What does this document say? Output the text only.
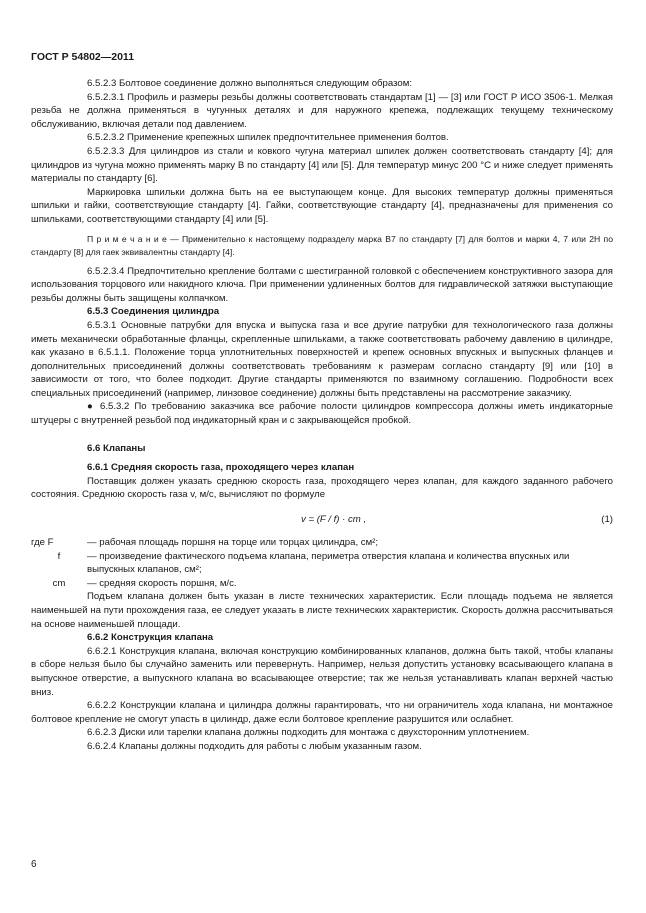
ГОСТ Р 54802—2011

6.5.2.3 Болтовое соединение должно выполняться следующим образом:

6.5.2.3.1 Профиль и размеры резьбы должны соответствовать стандартам [1] — [3] или ГОСТ Р ИСО 3506-1. Мелкая резьба не должна применяться в чугунных деталях и для наружного крепежа, подлежащих текущему техническому обслуживанию, включая детали под давлением.

6.5.2.3.2 Применение крепежных шпилек предпочтительнее применения болтов.

6.5.2.3.3 Для цилиндров из стали и ковкого чугуна материал шпилек должен соответствовать стандарту [4]; для цилиндров из чугуна можно применять марку В по стандарту [4] или [5]. Для температур минус 200 °С и ниже следует применять материалы по стандарту [6].

Маркировка шпильки должна быть на ее выступающем конце. Для высоких температур должны применяться шпильки и гайки, соответствующие стандарту [4]. Гайки, соответствующие стандарту [4], предназначены для применения со шпильками, соответствующими стандарту [4] или [5].

П р и м е ч а н и е — Применительно к настоящему подразделу марка В7 по стандарту [7] для болтов и марки 4, 7 или 2Н по стандарту [8] для гаек эквивалентны стандарту [4].

6.5.2.3.4 Предпочтительно крепление болтами с шестигранной головкой с обеспечением конструктивного зазора для использования торцового или накидного ключа. При применении удлиненных болтов для гидравлической затяжки выступающие резьбы должны быть защищены колпачком.

6.5.3 Соединения цилиндра

6.5.3.1 Основные патрубки для впуска и выпуска газа и все другие патрубки для технологического газа должны иметь механически обработанные фланцы, скрепленные шпильками, а также соответствовать рабочему давлению в цилиндре, как указано в 6.5.1.1. Положение торца уплотнительных поверхностей и крепеж основных впускных и выпускных фланцев и дополнительных присоединений должны соответствовать требованиям к размерам согласно стандарту [9] или [10] в зависимости от того, что более подходит. Другие стандарты применяются по взаимному соглашению. Подробности всех специальных присоединений (например, линзовое соединение) должны быть представлены на рассмотрение заказчику.

● 6.5.3.2 По требованию заказчика все рабочие полости цилиндров компрессора должны иметь индикаторные штуцеры с внутренней резьбой под индикаторный кран и с закрывающейся пробкой.

6.6 Клапаны

6.6.1 Средняя скорость газа, проходящего через клапан

Поставщик должен указать среднюю скорость газа, проходящего через клапан, для каждого заданного рабочего состояния. Среднюю скорость газа v, м/с, вычисляют по формуле

v = (F / f) · cm ,	(1)
где F	— рабочая площадь поршня на торце или торцах цилиндра, см²;
f	— произведение фактического подъема клапана, периметра отверстия клапана и количества впускных или выпускных клапанов, см²;
cm	— средняя скорость поршня, м/с.

Подъем клапана должен быть указан в листе технических характеристик. Если площадь подъема не является наименьшей на пути прохождения газа, ее следует указать в листе технических характеристик. Скорость должна рассчитываться на основе наименьшей площади.

6.6.2 Конструкция клапана

6.6.2.1 Конструкция клапана, включая конструкцию комбинированных клапанов, должна быть такой, чтобы клапаны в сборе нельзя было бы случайно заменить или перевернуть. Например, нельзя допустить установку всасывающего клапана в выпускное отверстие, а выпускного клапана во всасывающее отверстие; так же нельзя устанавливать клапан верхней частью вниз.

6.6.2.2 Конструкции клапана и цилиндра должны гарантировать, что ни ограничитель хода клапана, ни монтажное болтовое крепление не смогут упасть в цилиндр, даже если болтовое крепление разрушится или ослабнет.

6.6.2.3 Диски или тарелки клапана должны подходить для монтажа с двухсторонним уплотнением.

6.6.2.4 Клапаны должны подходить для работы с любым указанным газом.

6
